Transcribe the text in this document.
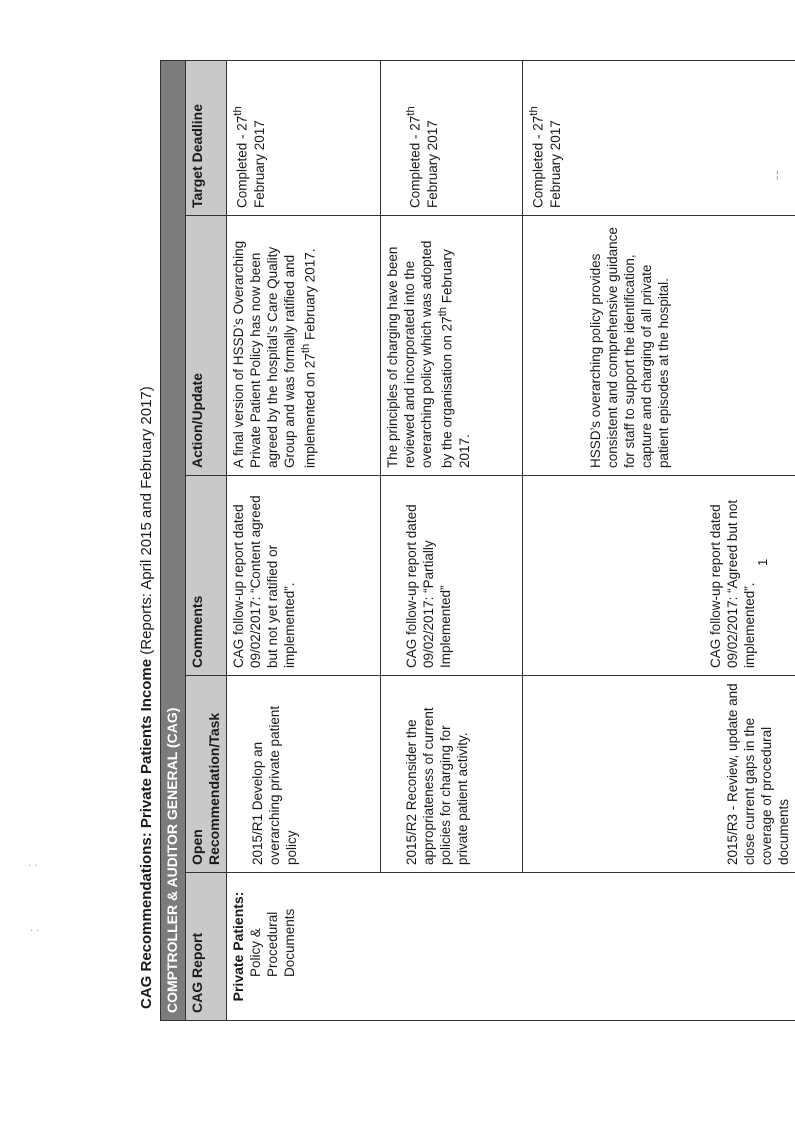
CAG Recommendations: Private Patients Income (Reports: April 2015 and February 2017)
COMPTROLLER & AUDITOR GENERAL (CAG)				
CAG Report	Open Recommendation/Task	Comments	Action/Update	Target Deadline

Private Patients: Policy & Procedural Documents	2015/R1 Develop an overarching private patient policy	CAG follow-up report dated 09/02/2017: “Content agreed but not yet ratified or implemented”.	A final version of HSSD’s Overarching Private Patient Policy has now been agreed by the hospital’s Care Quality Group and was formally ratified and implemented on 27th February 2017.	Completed - 27th February 2017
	2015/R2 Reconsider the appropriateness of current policies for charging for private patient activity.	CAG follow-up report dated 09/02/2017: “Partially Implemented”	The principles of charging have been reviewed and incorporated into the overarching policy which was adopted by the organisation on 27th February 2017.	Completed - 27th February 2017
	2015/R3 - Review, update and close current gaps in the coverage of procedural documents	CAG follow-up report dated 09/02/2017: “Agreed but not implemented”.	HSSD’s overarching policy provides consistent and comprehensive guidance for staff to support the identification, capture and charging of all private patient episodes at the hospital.	Completed - 27th February 2017
1
· ·
· ·
¦
